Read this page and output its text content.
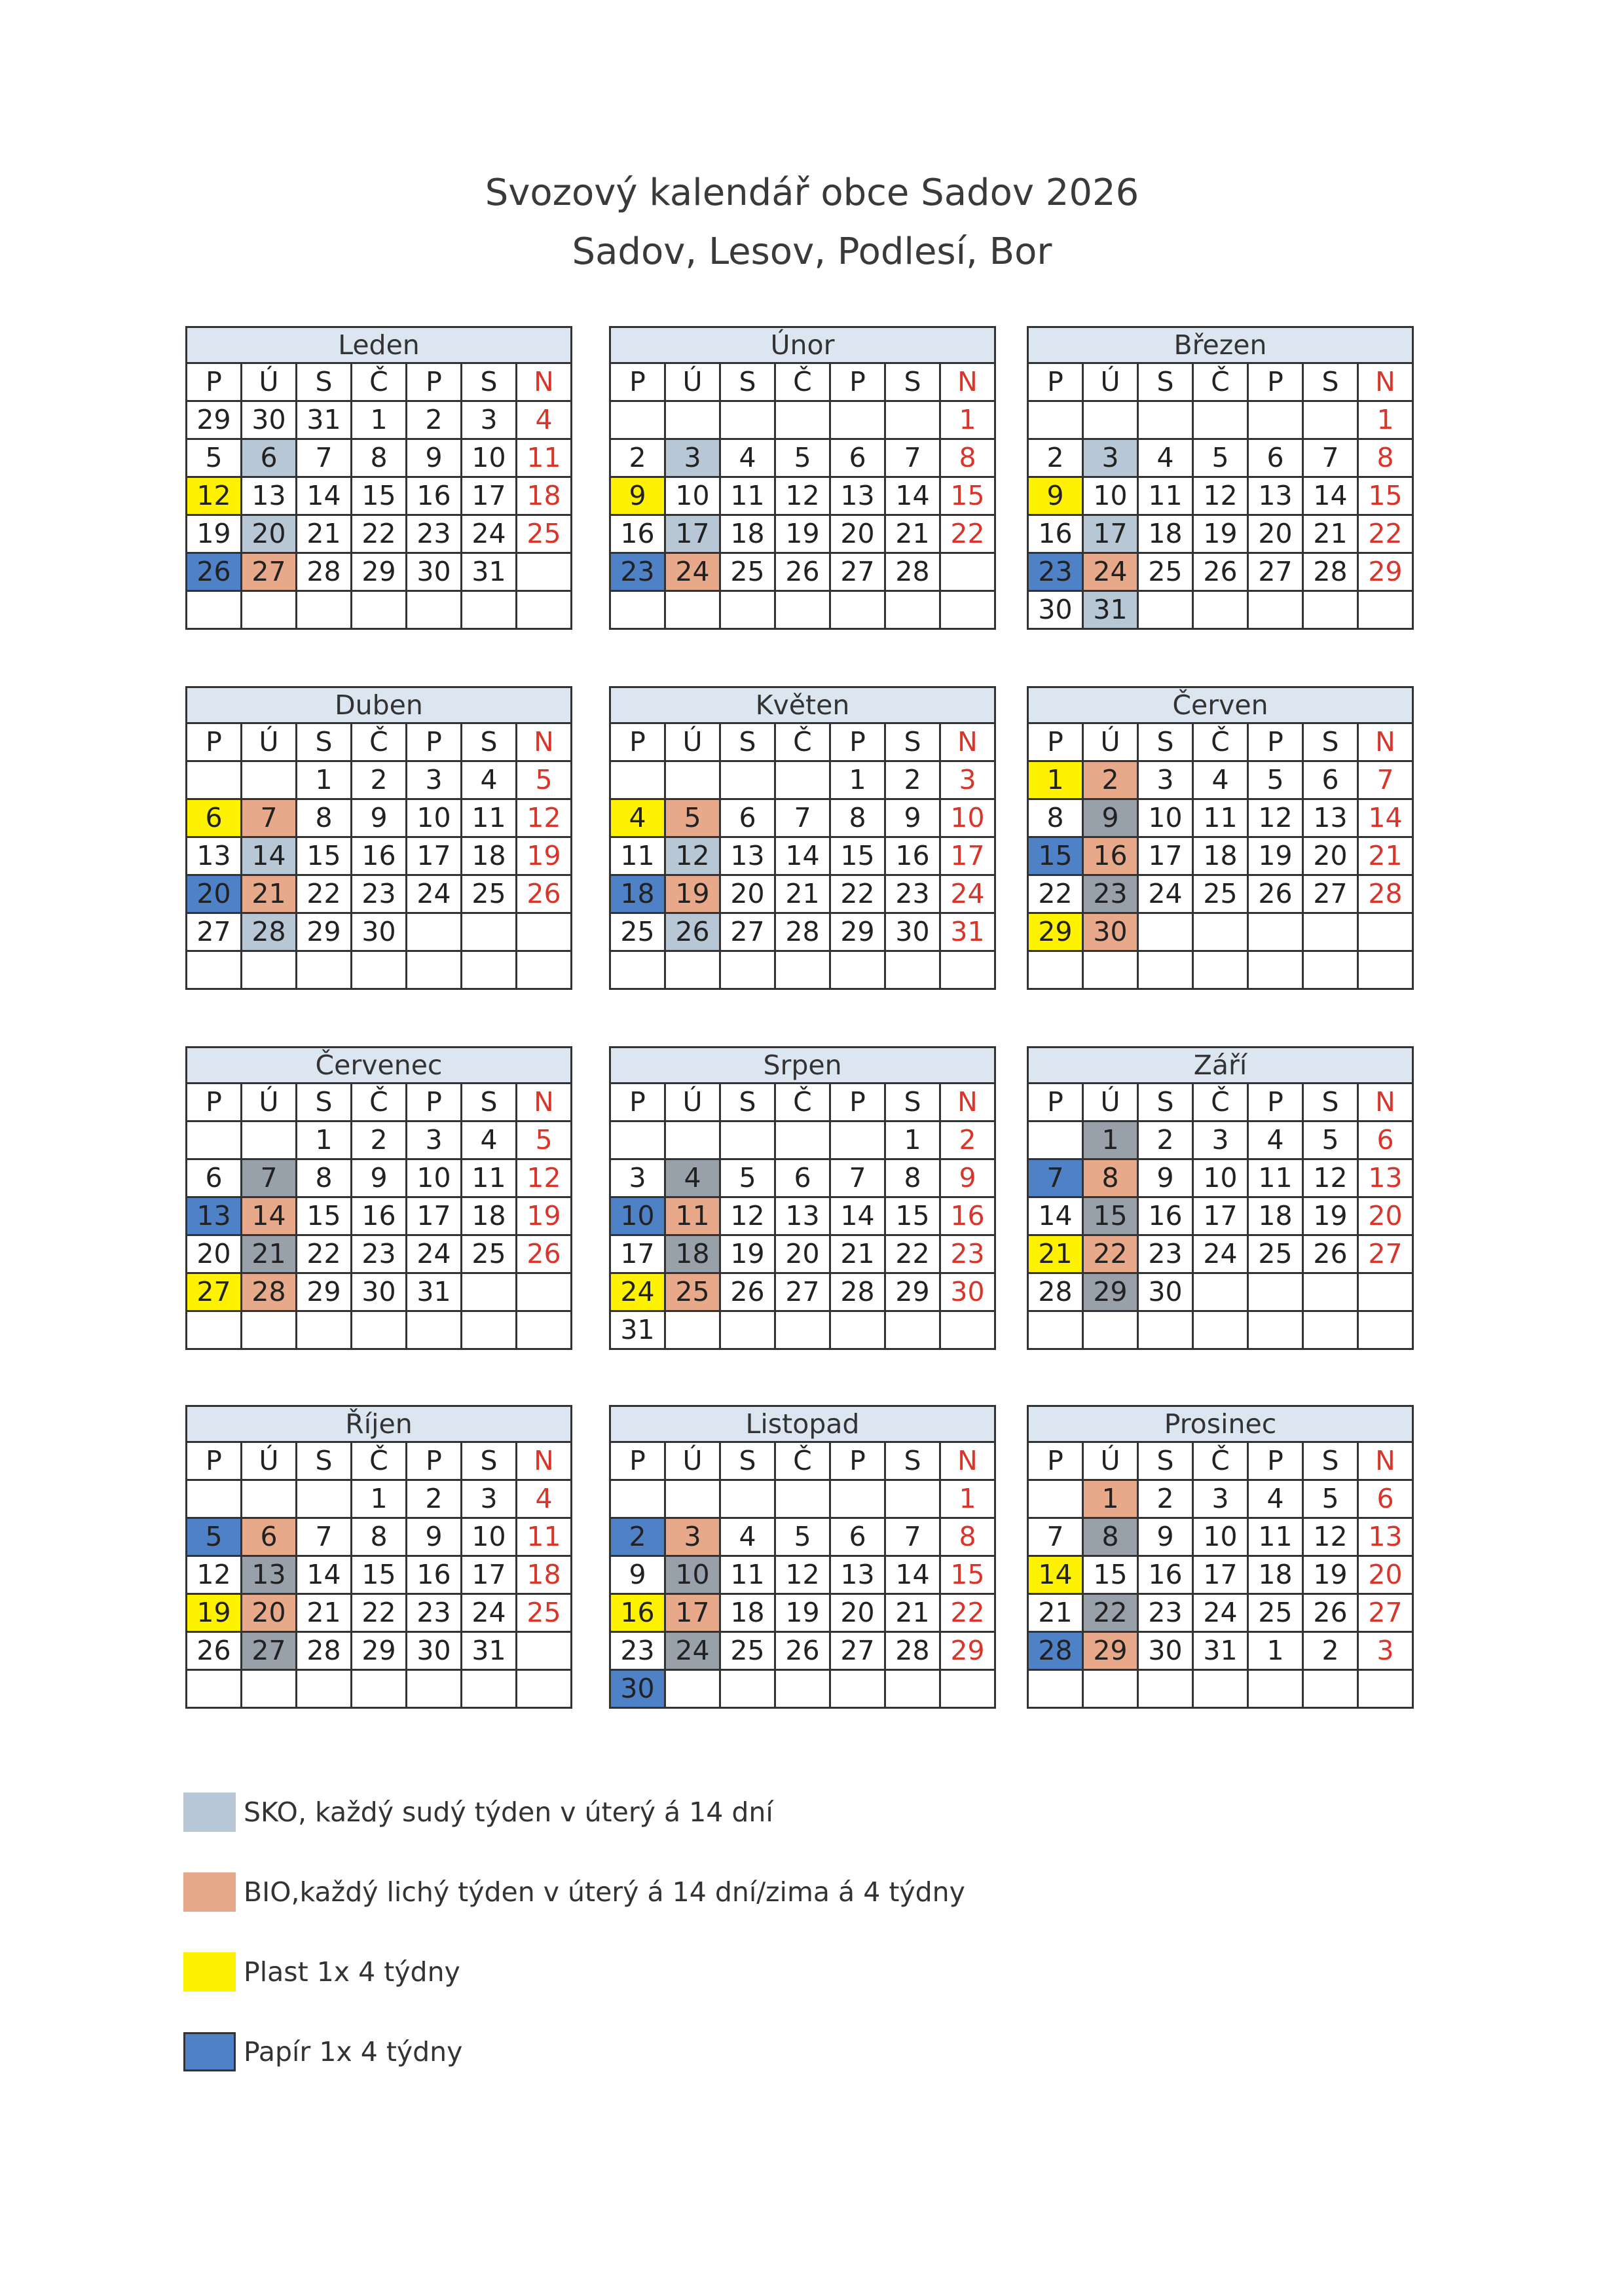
Svozový kalendář obce Sadov 2026
Sadov, Lesov, Podlesí, Bor
Leden						
P	Ú	S	Č	P	S	N
29	30	31	1	2	3	4
5	6	7	8	9	10	11
12	13	14	15	16	17	18
19	20	21	22	23	24	25
26	27	28	29	30	31	

Únor						
P	Ú	S	Č	P	S	N
						1
2	3	4	5	6	7	8
9	10	11	12	13	14	15
16	17	18	19	20	21	22
23	24	25	26	27	28	

Březen						
P	Ú	S	Č	P	S	N
						1
2	3	4	5	6	7	8
9	10	11	12	13	14	15
16	17	18	19	20	21	22
23	24	25	26	27	28	29
30	31					
Duben						
P	Ú	S	Č	P	S	N
		1	2	3	4	5
6	7	8	9	10	11	12
13	14	15	16	17	18	19
20	21	22	23	24	25	26
27	28	29	30			

Květen						
P	Ú	S	Č	P	S	N
				1	2	3
4	5	6	7	8	9	10
11	12	13	14	15	16	17
18	19	20	21	22	23	24
25	26	27	28	29	30	31

Červen						
P	Ú	S	Č	P	S	N
1	2	3	4	5	6	7
8	9	10	11	12	13	14
15	16	17	18	19	20	21
22	23	24	25	26	27	28
29	30					

Červenec						
P	Ú	S	Č	P	S	N
		1	2	3	4	5
6	7	8	9	10	11	12
13	14	15	16	17	18	19
20	21	22	23	24	25	26
27	28	29	30	31		

Srpen						
P	Ú	S	Č	P	S	N
					1	2
3	4	5	6	7	8	9
10	11	12	13	14	15	16
17	18	19	20	21	22	23
24	25	26	27	28	29	30
31						
Září						
P	Ú	S	Č	P	S	N
	1	2	3	4	5	6
7	8	9	10	11	12	13
14	15	16	17	18	19	20
21	22	23	24	25	26	27
28	29	30				

Říjen						
P	Ú	S	Č	P	S	N
			1	2	3	4
5	6	7	8	9	10	11
12	13	14	15	16	17	18
19	20	21	22	23	24	25
26	27	28	29	30	31	

Listopad						
P	Ú	S	Č	P	S	N
						1
2	3	4	5	6	7	8
9	10	11	12	13	14	15
16	17	18	19	20	21	22
23	24	25	26	27	28	29
30						
Prosinec						
P	Ú	S	Č	P	S	N
	1	2	3	4	5	6
7	8	9	10	11	12	13
14	15	16	17	18	19	20
21	22	23	24	25	26	27
28	29	30	31	1	2	3

SKO, každý sudý týden v úterý á 14 dní
BIO,každý lichý týden v úterý á 14 dní/zima á 4 týdny
Plast 1x 4 týdny
Papír 1x 4 týdny
